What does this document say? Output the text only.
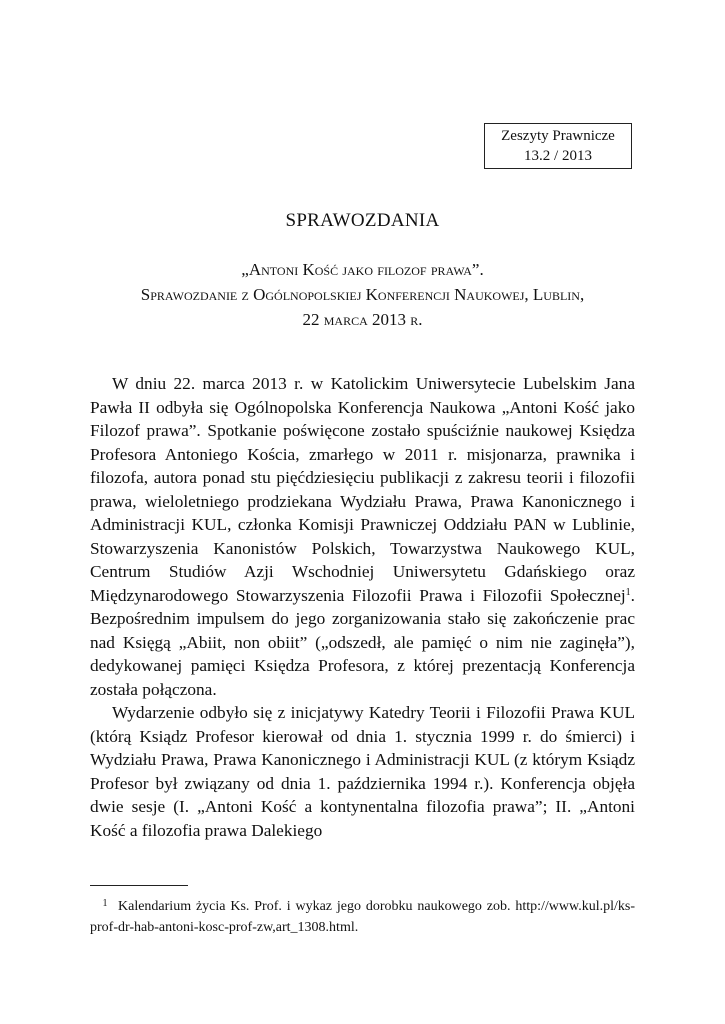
Zeszyty Prawnicze
13.2 / 2013
SPRAWOZDANIA
„Antoni Kość jako filozof prawa”.
Sprawozdanie z Ogólnopolskiej Konferencji Naukowej, Lublin,
22 marca 2013 r.

W dniu 22. marca 2013 r. w Katolickim Uniwersytecie Lubelskim Jana Pawła II odbyła się Ogólnopolska Konferencja Naukowa „Antoni Kość jako Filozof prawa”. Spotkanie poświęcone zostało spuściźnie naukowej Księdza Profesora Antoniego Kościa, zmarłego w 2011 r. misjonarza, prawnika i filozofa, autora ponad stu pięćdziesięciu publikacji z zakresu teorii i filozofii prawa, wieloletniego prodziekana Wydziału Prawa, Prawa Kanonicznego i Administracji KUL, członka Komisji Prawniczej Oddziału PAN w Lublinie, Stowarzyszenia Kanonistów Polskich, Towarzystwa Naukowego KUL, Centrum Studiów Azji Wschodniej Uniwersytetu Gdańskiego oraz Międzynarodowego Stowarzyszenia Filozofii Prawa i Filozofii Społecznej$^1$. Bezpośrednim impulsem do jego zorganizowania stało się zakończenie prac nad Księgą „Abiit, non obiit” („odszedł, ale pamięć o nim nie zaginęła”), dedykowanej pamięci Księdza Profesora, z której prezentacją Konferencja została połączona.

Wydarzenie odbyło się z inicjatywy Katedry Teorii i Filozofii Prawa KUL (którą Ksiądz Profesor kierował od dnia 1. stycznia 1999 r. do śmierci) i Wydziału Prawa, Prawa Kanonicznego i Administracji KUL (z którym Ksiądz Profesor był związany od dnia 1. października 1994 r.). Konferencja objęła dwie sesje (I. „Antoni Kość a kontynentalna filozofia prawa”; II. „Antoni Kość a filozofia prawa Dalekiego

1 Kalendarium życia Ks. Prof. i wykaz jego dorobku naukowego zob. http://www.kul.pl/ks-prof-dr-hab-antoni-kosc-prof-zw,art_1308.html.
